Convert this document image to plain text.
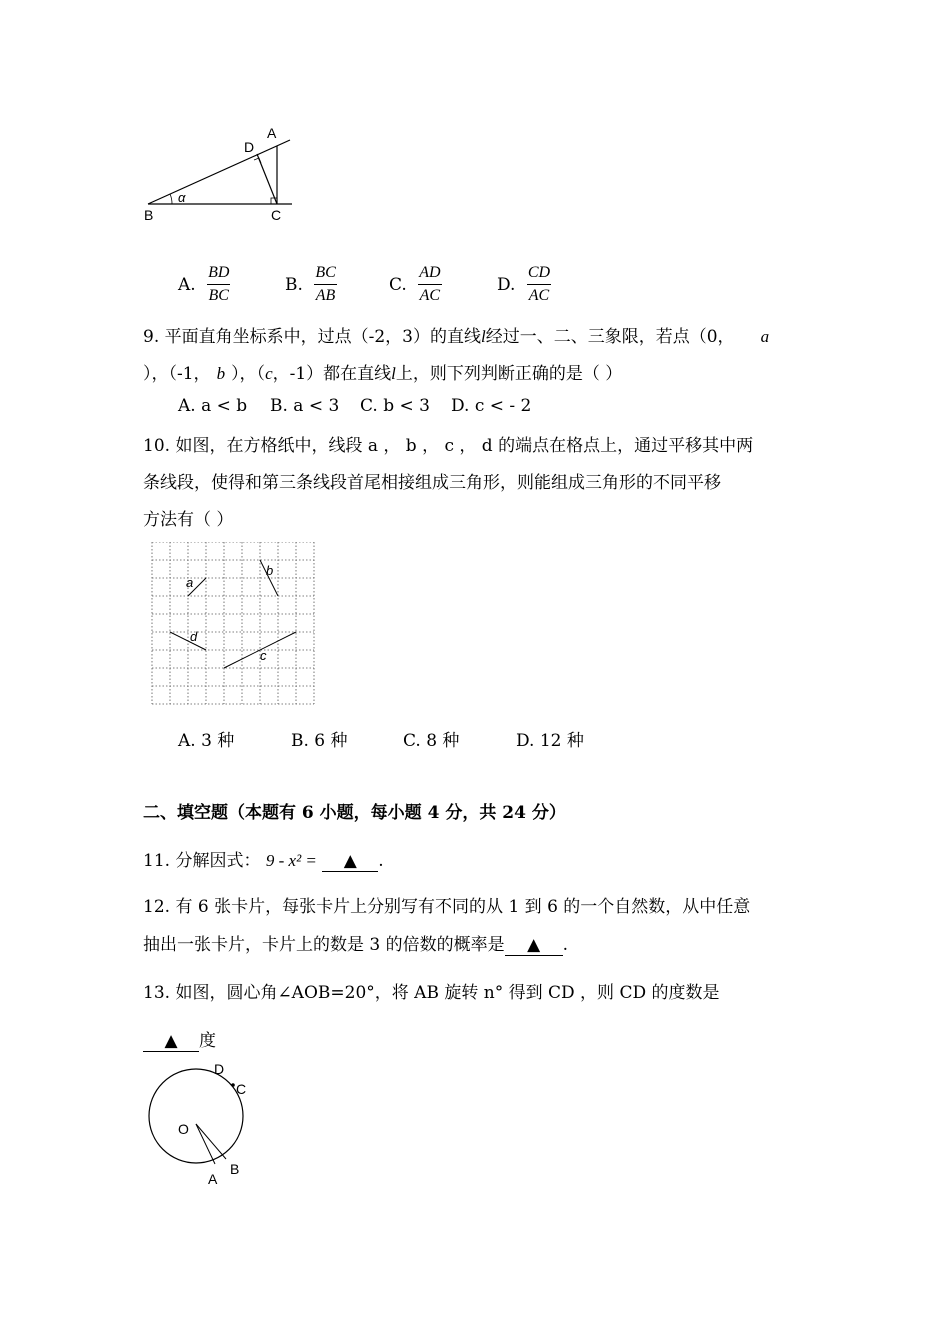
A
D
B	C
α
A. $\frac{BD}{BC}$	B. $\frac{BC}{AB}$	C. $\frac{AD}{AC}$	D. $\frac{CD}{AC}$
9. 平面直角坐标系中，过点（-2，3）的直线l经过一、二、三象限，若点（0， a
），（-1， b ），（c，-1）都在直线l上，则下列判断正确的是（ ）
A. a < b B. a < 3 C. b < 3 D. c < - 2
10. 如图，在方格纸中，线段 a ， b ， c ， d 的端点在格点上，通过平移其中两
条线段，使得和第三条线段首尾相接组成三角形，则能组成三角形的不同平移
方法有（ ）
a
b
d
c
A. 3 种	B. 6 种	C. 8 种	D. 12 种
二、填空题（本题有 6 小题，每小题 4 分，共 24 分）
11. 分解因式： 9 - x² = ▲ .
12. 有 6 张卡片，每张卡片上分别写有不同的从 1 到 6 的一个自然数，从中任意
抽出一张卡片，卡片上的数是 3 的倍数的概率是 ▲ .
13. 如图，圆心角∠AOB=20°，将 AB 旋转 n° 得到 CD ，则 CD 的度数是
▲ 度
D
C
O
B
A
